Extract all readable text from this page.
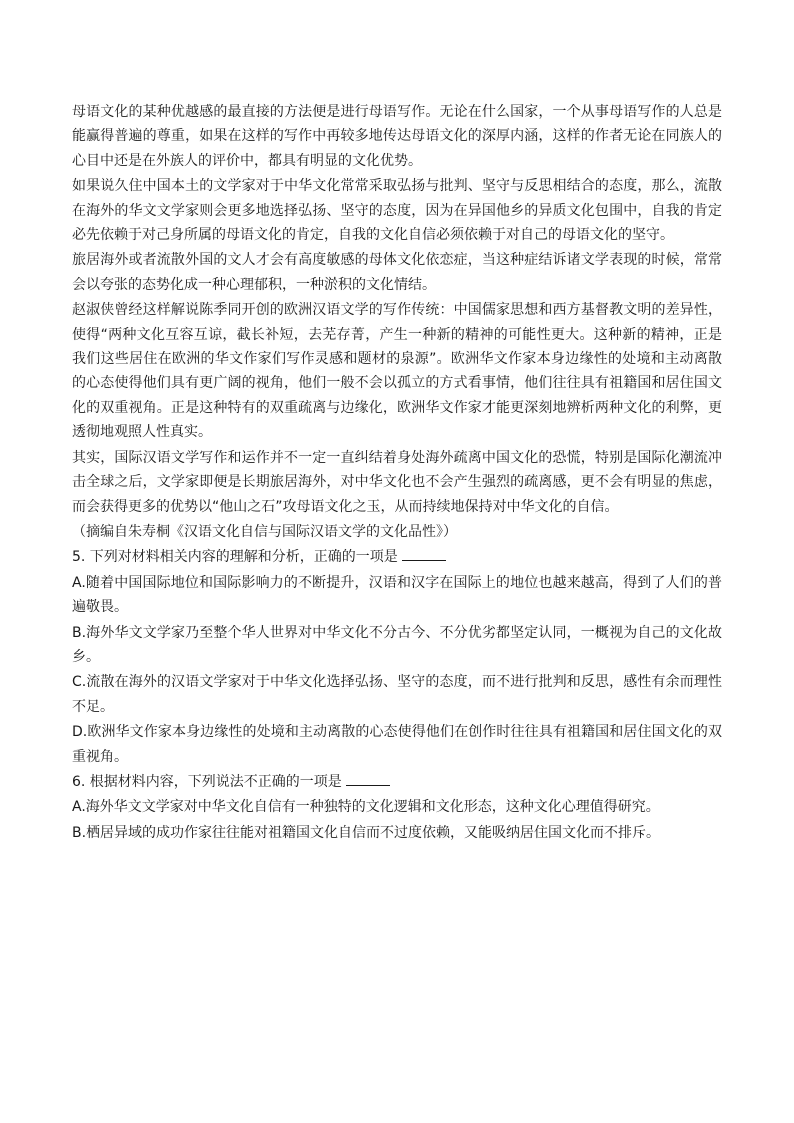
母语文化的某种优越感的最直接的方法便是进行母语写作。无论在什么国家，一个从事母语写作的人总是能赢得普遍的尊重，如果在这样的写作中再较多地传达母语文化的深厚内涵，这样的作者无论在同族人的心目中还是在外族人的评价中，都具有明显的文化优势。

如果说久住中国本土的文学家对于中华文化常常采取弘扬与批判、坚守与反思相结合的态度，那么，流散在海外的华文文学家则会更多地选择弘扬、坚守的态度，因为在异国他乡的异质文化包围中，自我的肯定必先依赖于对己身所属的母语文化的肯定，自我的文化自信必须依赖于对自己的母语文化的坚守。

旅居海外或者流散外国的文人才会有高度敏感的母体文化依恋症，当这种症结诉诸文学表现的时候，常常会以夸张的态势化成一种心理郁积，一种淤积的文化情结。

赵淑侠曾经这样解说陈季同开创的欧洲汉语文学的写作传统：中国儒家思想和西方基督教文明的差异性，使得“两种文化互容互谅，截长补短，去芜存菁，产生一种新的精神的可能性更大。这种新的精神，正是我们这些居住在欧洲的华文作家们写作灵感和题材的泉源”。欧洲华文作家本身边缘性的处境和主动离散的心态使得他们具有更广阔的视角，他们一般不会以孤立的方式看事情，他们往往具有祖籍国和居住国文化的双重视角。正是这种特有的双重疏离与边缘化，欧洲华文作家才能更深刻地辨析两种文化的利弊，更透彻地观照人性真实。

其实，国际汉语文学写作和运作并不一定一直纠结着身处海外疏离中国文化的恐慌，特别是国际化潮流冲击全球之后，文学家即便是长期旅居海外，对中华文化也不会产生强烈的疏离感，更不会有明显的焦虑，而会获得更多的优势以“他山之石”攻母语文化之玉，从而持续地保持对中华文化的自信。

（摘编自朱寿桐《汉语文化自信与国际汉语文学的文化品性》）

5. 下列对材料相关内容的理解和分析，正确的一项是

A.随着中国国际地位和国际影响力的不断提升，汉语和汉字在国际上的地位也越来越高，得到了人们的普遍敬畏。

B.海外华文文学家乃至整个华人世界对中华文化不分古今、不分优劣都坚定认同，一概视为自己的文化故乡。

C.流散在海外的汉语文学家对于中华文化选择弘扬、坚守的态度，而不进行批判和反思，感性有余而理性不足。

D.欧洲华文作家本身边缘性的处境和主动离散的心态使得他们在创作时往往具有祖籍国和居住国文化的双重视角。

6. 根据材料内容，下列说法不正确的一项是

A.海外华文文学家对中华文化自信有一种独特的文化逻辑和文化形态，这种文化心理值得研究。

B.栖居异域的成功作家往往能对祖籍国文化自信而不过度依赖，又能吸纳居住国文化而不排斥。
